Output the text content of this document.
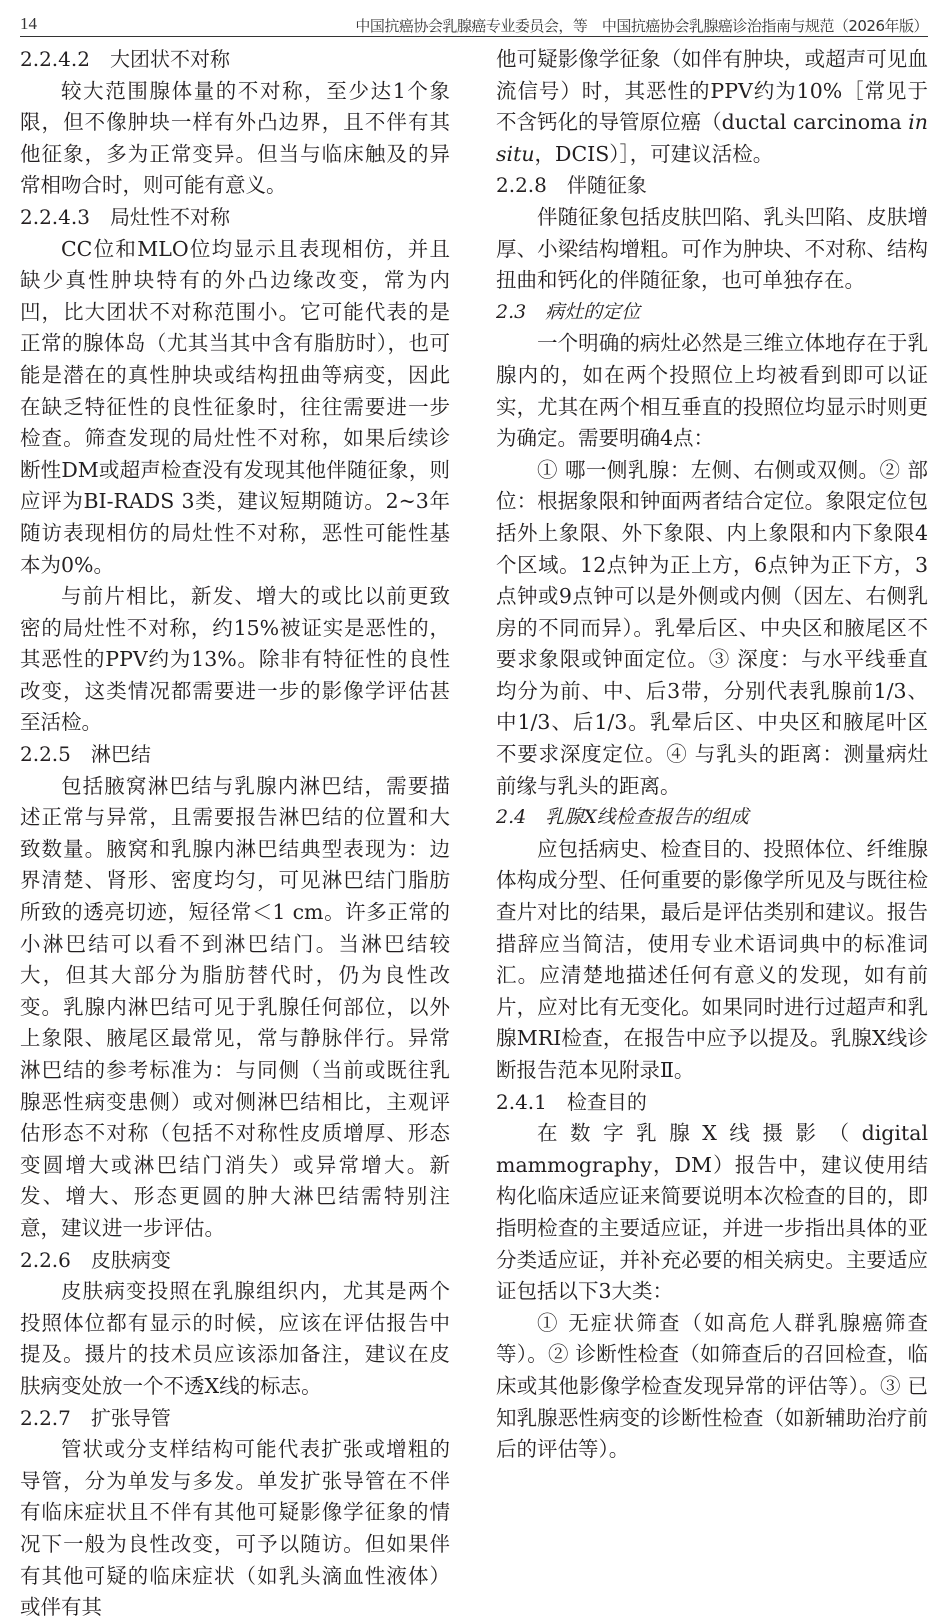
14	中国抗癌协会乳腺癌专业委员会，等　中国抗癌协会乳腺癌诊治指南与规范（2026年版）
2.2.4.2　大团状不对称

较大范围腺体量的不对称，至少达1个象限，但不像肿块一样有外凸边界，且不伴有其他征象，多为正常变异。但当与临床触及的异常相吻合时，则可能有意义。

2.2.4.3　局灶性不对称

CC位和MLO位均显示且表现相仿，并且缺少真性肿块特有的外凸边缘改变，常为内凹，比大团状不对称范围小。它可能代表的是正常的腺体岛（尤其当其中含有脂肪时），也可能是潜在的真性肿块或结构扭曲等病变，因此在缺乏特征性的良性征象时，往往需要进一步检查。筛查发现的局灶性不对称，如果后续诊断性DM或超声检查没有发现其他伴随征象，则应评为BI-RADS 3类，建议短期随访。2~3年随访表现相仿的局灶性不对称，恶性可能性基本为0%。

与前片相比，新发、增大的或比以前更致密的局灶性不对称，约15%被证实是恶性的，其恶性的PPV约为13%。除非有特征性的良性改变，这类情况都需要进一步的影像学评估甚至活检。

2.2.5　淋巴结

包括腋窝淋巴结与乳腺内淋巴结，需要描述正常与异常，且需要报告淋巴结的位置和大致数量。腋窝和乳腺内淋巴结典型表现为：边界清楚、肾形、密度均匀，可见淋巴结门脂肪所致的透亮切迹，短径常＜1 cm。许多正常的小淋巴结可以看不到淋巴结门。当淋巴结较大，但其大部分为脂肪替代时，仍为良性改变。乳腺内淋巴结可见于乳腺任何部位，以外上象限、腋尾区最常见，常与静脉伴行。异常淋巴结的参考标准为：与同侧（当前或既往乳腺恶性病变患侧）或对侧淋巴结相比，主观评估形态不对称（包括不对称性皮质增厚、形态变圆增大或淋巴结门消失）或异常增大。新发、增大、形态更圆的肿大淋巴结需特别注意，建议进一步评估。

2.2.6　皮肤病变

皮肤病变投照在乳腺组织内，尤其是两个投照体位都有显示的时候，应该在评估报告中提及。摄片的技术员应该添加备注，建议在皮肤病变处放一个不透X线的标志。

2.2.7　扩张导管

管状或分支样结构可能代表扩张或增粗的导管，分为单发与多发。单发扩张导管在不伴有临床症状且不伴有其他可疑影像学征象的情况下一般为良性改变，可予以随访。但如果伴有其他可疑的临床症状（如乳头滴血性液体）或伴有其

他可疑影像学征象（如伴有肿块，或超声可见血流信号）时，其恶性的PPV约为10%［常见于不含钙化的导管原位癌（ductal carcinoma in situ，DCIS）］，可建议活检。

2.2.8　伴随征象

伴随征象包括皮肤凹陷、乳头凹陷、皮肤增厚、小梁结构增粗。可作为肿块、不对称、结构扭曲和钙化的伴随征象，也可单独存在。

2.3　病灶的定位

一个明确的病灶必然是三维立体地存在于乳腺内的，如在两个投照位上均被看到即可以证实，尤其在两个相互垂直的投照位均显示时则更为确定。需要明确4点：

① 哪一侧乳腺：左侧、右侧或双侧。② 部位：根据象限和钟面两者结合定位。象限定位包括外上象限、外下象限、内上象限和内下象限4个区域。12点钟为正上方，6点钟为正下方，3点钟或9点钟可以是外侧或内侧（因左、右侧乳房的不同而异）。乳晕后区、中央区和腋尾区不要求象限或钟面定位。③ 深度：与水平线垂直均分为前、中、后3带，分别代表乳腺前1/3、中1/3、后1/3。乳晕后区、中央区和腋尾叶区不要求深度定位。④ 与乳头的距离：测量病灶前缘与乳头的距离。

2.4　乳腺X线检查报告的组成

应包括病史、检查目的、投照体位、纤维腺体构成分型、任何重要的影像学所见及与既往检查片对比的结果，最后是评估类别和建议。报告措辞应当简洁，使用专业术语词典中的标准词汇。应清楚地描述任何有意义的发现，如有前片，应对比有无变化。如果同时进行过超声和乳腺MRI检查，在报告中应予以提及。乳腺X线诊断报告范本见附录Ⅱ。

2.4.1　检查目的

在数字乳腺X线摄影（digital mammography，DM）报告中，建议使用结构化临床适应证来简要说明本次检查的目的，即指明检查的主要适应证，并进一步指出具体的亚分类适应证，并补充必要的相关病史。主要适应证包括以下3大类：

① 无症状筛查（如高危人群乳腺癌筛查等）。② 诊断性检查（如筛查后的召回检查，临床或其他影像学检查发现异常的评估等）。③ 已知乳腺恶性病变的诊断性检查（如新辅助治疗前后的评估等）。
